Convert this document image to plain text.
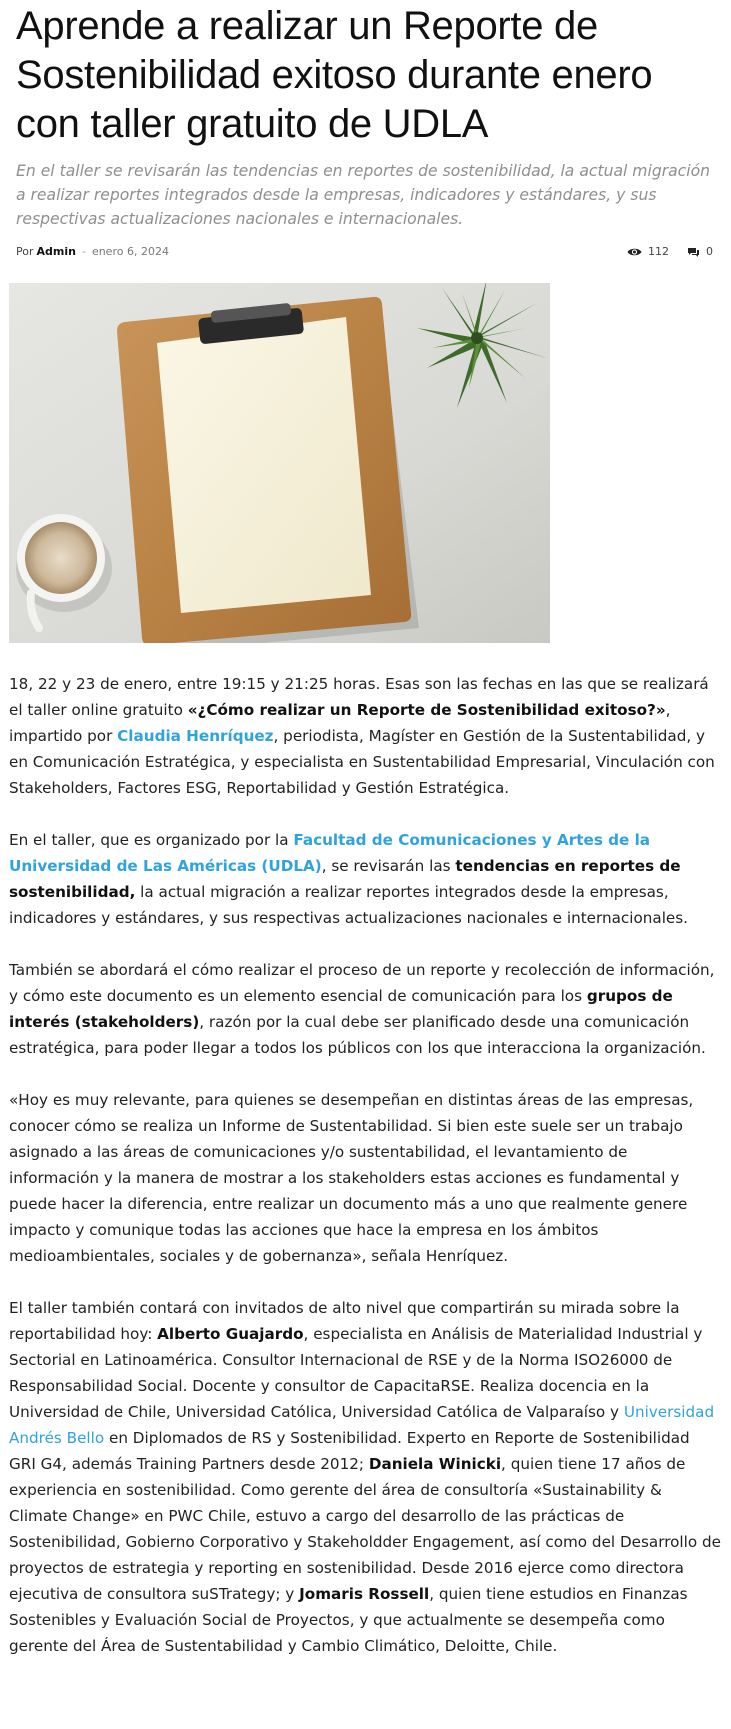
Aprende a realizar un Reporte de Sostenibilidad exitoso durante enero con taller gratuito de UDLA

En el taller se revisarán las tendencias en reportes de sostenibilidad, la actual migración a realizar reportes integrados desde la empresas, indicadores y estándares, y sus respectivas actualizaciones nacionales e internacionales.

Por Admin - enero 6, 2024	112	0

18, 22 y 23 de enero, entre 19:15 y 21:25 horas. Esas son las fechas en las que se realizará el taller online gratuito «¿Cómo realizar un Reporte de Sostenibilidad exitoso?», impartido por Claudia Henríquez, periodista, Magíster en Gestión de la Sustentabilidad, y en Comunicación Estratégica, y especialista en Sustentabilidad Empresarial, Vinculación con Stakeholders, Factores ESG, Reportabilidad y Gestión Estratégica.

En el taller, que es organizado por la Facultad de Comunicaciones y Artes de la Universidad de Las Américas (UDLA), se revisarán las tendencias en reportes de sostenibilidad, la actual migración a realizar reportes integrados desde la empresas, indicadores y estándares, y sus respectivas actualizaciones nacionales e internacionales.

También se abordará el cómo realizar el proceso de un reporte y recolección de información, y cómo este documento es un elemento esencial de comunicación para los grupos de interés (stakeholders), razón por la cual debe ser planificado desde una comunicación estratégica, para poder llegar a todos los públicos con los que interacciona la organización.

«Hoy es muy relevante, para quienes se desempeñan en distintas áreas de las empresas, conocer cómo se realiza un Informe de Sustentabilidad. Si bien este suele ser un trabajo asignado a las áreas de comunicaciones y/o sustentabilidad, el levantamiento de información y la manera de mostrar a los stakeholders estas acciones es fundamental y puede hacer la diferencia, entre realizar un documento más a uno que realmente genere impacto y comunique todas las acciones que hace la empresa en los ámbitos medioambientales, sociales y de gobernanza», señala Henríquez.

El taller también contará con invitados de alto nivel que compartirán su mirada sobre la reportabilidad hoy: Alberto Guajardo, especialista en Análisis de Materialidad Industrial y Sectorial en Latinoamérica. Consultor Internacional de RSE y de la Norma ISO26000 de Responsabilidad Social. Docente y consultor de CapacitaRSE. Realiza docencia en la Universidad de Chile, Universidad Católica, Universidad Católica de Valparaíso y Universidad Andrés Bello en Diplomados de RS y Sostenibilidad. Experto en Reporte de Sostenibilidad GRI G4, además Training Partners desde 2012; Daniela Winicki, quien tiene 17 años de experiencia en sostenibilidad. Como gerente del área de consultoría «Sustainability & Climate Change» en PWC Chile, estuvo a cargo del desarrollo de las prácticas de Sostenibilidad, Gobierno Corporativo y Stakeholdder Engagement, así como del Desarrollo de proyectos de estrategia y reporting en sostenibilidad. Desde 2016 ejerce como directora ejecutiva de consultora suSTrategy; y Jomaris Rossell, quien tiene estudios en Finanzas Sostenibles y Evaluación Social de Proyectos, y que actualmente se desempeña como gerente del Área de Sustentabilidad y Cambio Climático, Deloitte, Chile.
